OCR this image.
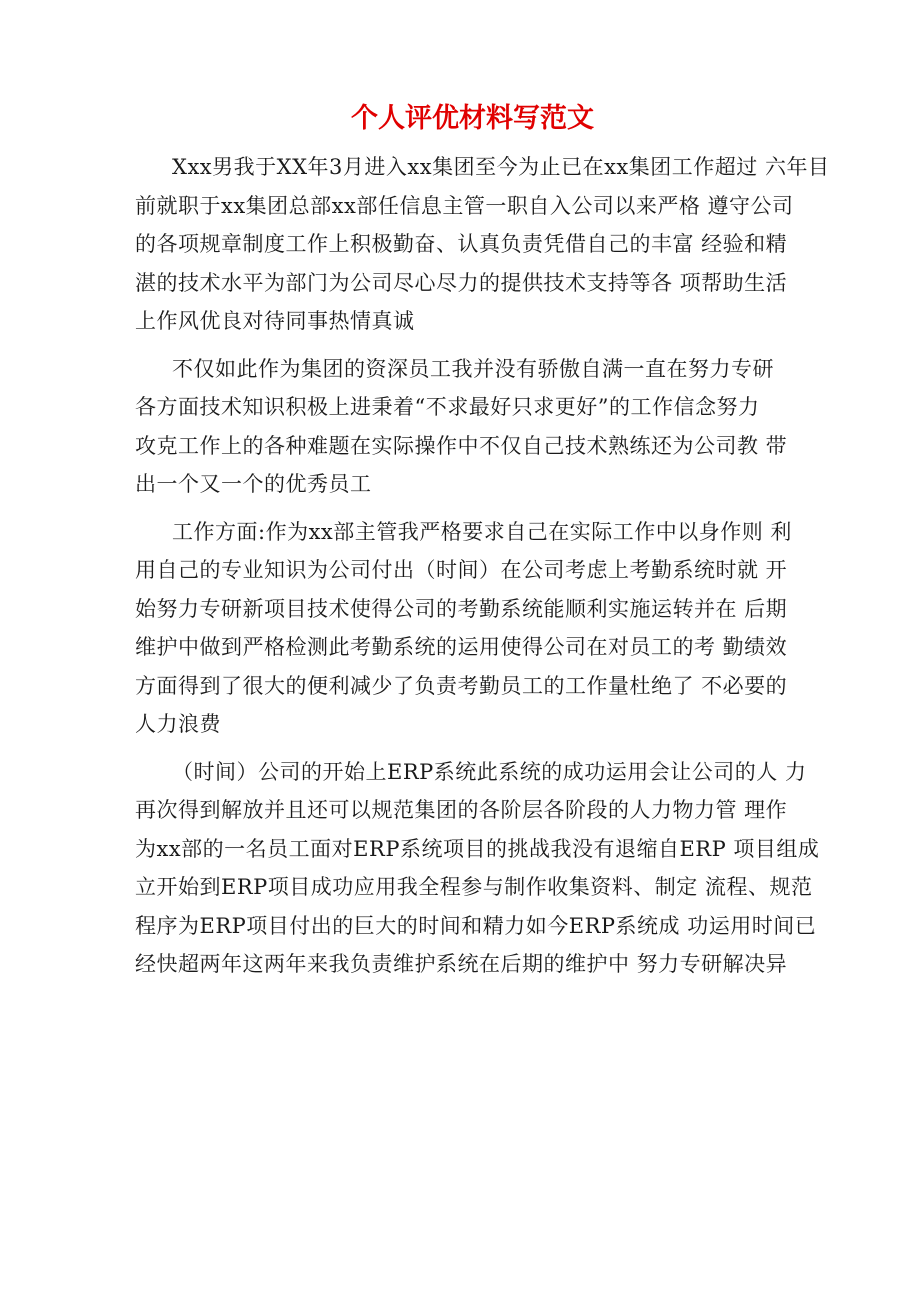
个人评优材料写范文
Xxx男我于XX年3月进入xx集团至今为止已在xx集团工作超过 六年目
前就职于xx集团总部xx部任信息主管一职自入公司以来严格 遵守公司
的各项规章制度工作上积极勤奋、认真负责凭借自己的丰富 经验和精
湛的技术水平为部门为公司尽心尽力的提供技术支持等各 项帮助生活
上作风优良对待同事热情真诚
不仅如此作为集团的资深员工我并没有骄傲自满一直在努力专研
各方面技术知识积极上进秉着“不求最好只求更好”的工作信念努力
攻克工作上的各种难题在实际操作中不仅自己技术熟练还为公司教 带
出一个又一个的优秀员工
工作方面:作为xx部主管我严格要求自己在实际工作中以身作则 利
用自己的专业知识为公司付出（时间）在公司考虑上考勤系统时就 开
始努力专研新项目技术使得公司的考勤系统能顺利实施运转并在 后期
维护中做到严格检测此考勤系统的运用使得公司在对员工的考 勤绩效
方面得到了很大的便利减少了负责考勤员工的工作量杜绝了 不必要的
人力浪费
（时间）公司的开始上ERP系统此系统的成功运用会让公司的人 力
再次得到解放并且还可以规范集团的各阶层各阶段的人力物力管 理作
为xx部的一名员工面对ERP系统项目的挑战我没有退缩自ERP 项目组成
立开始到ERP项目成功应用我全程参与制作收集资料、制定 流程、规范
程序为ERP项目付出的巨大的时间和精力如今ERP系统成 功运用时间已
经快超两年这两年来我负责维护系统在后期的维护中 努力专研解决异
